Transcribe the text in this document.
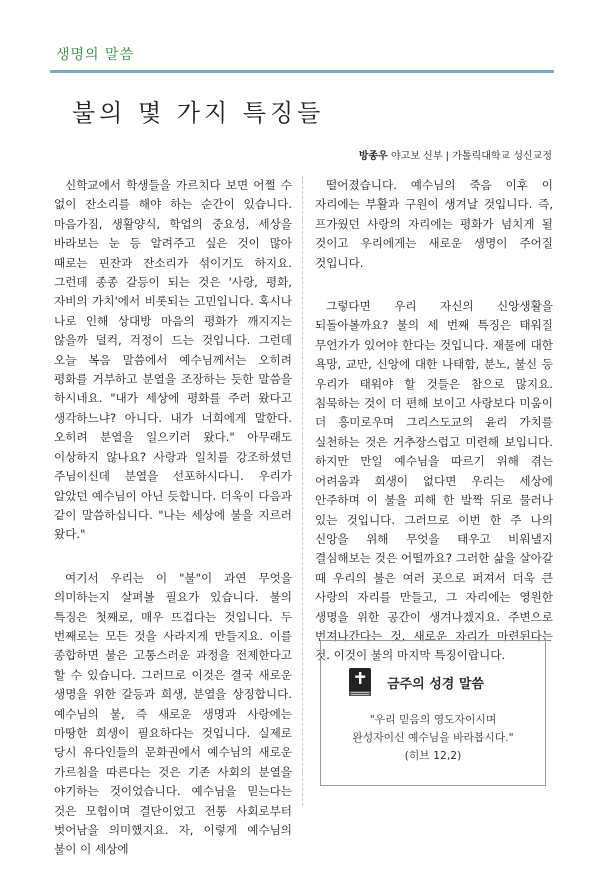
생명의 말씀
불의 몇 가지 특징들
방종우 야고보 신부 | 가톨릭대학교 성신교정

신학교에서 학생들을 가르치다 보면 어쩔 수 없이 잔소리를 해야 하는 순간이 있습니다. 마음가짐, 생활양식, 학업의 중요성, 세상을 바라보는 눈 등 알려주고 싶은 것이 많아 때로는 핀잔과 잔소리가 섞이기도 하지요. 그런데 종종 갈등이 되는 것은 '사랑, 평화, 자비의 가치'에서 비롯되는 고민입니다. 혹시나 나로 인해 상대방 마음의 평화가 깨지지는 않을까 덜컥, 걱정이 드는 것입니다. 그런데 오늘 복음 말씀에서 예수님께서는 오히려 평화를 거부하고 분열을 조장하는 듯한 말씀을 하시네요. "내가 세상에 평화를 주러 왔다고 생각하느냐? 아니다. 내가 너희에게 말한다. 오히려 분열을 일으키러 왔다." 아무래도 이상하지 않나요? 사랑과 일치를 강조하셨던 주님이신데 분열을 선포하시다니. 우리가 알았던 예수님이 아닌 듯합니다. 더욱이 다음과 같이 말씀하십니다. "나는 세상에 불을 지르러 왔다."

여기서 우리는 이 "불"이 과연 무엇을 의미하는지 살펴볼 필요가 있습니다. 불의 특징은 첫째로, 매우 뜨겁다는 것입니다. 두 번째로는 모든 것을 사라지게 만들지요. 이를 종합하면 불은 고통스러운 과정을 전제한다고 할 수 있습니다. 그러므로 이것은 결국 새로운 생명을 위한 갈등과 희생, 분열을 상징합니다. 예수님의 불, 즉 새로운 생명과 사랑에는 마땅한 희생이 필요하다는 것입니다. 실제로 당시 유다인들의 문화권에서 예수님의 새로운 가르침을 따른다는 것은 기존 사회의 분열을 야기하는 것이었습니다. 예수님을 믿는다는 것은 모험이며 결단이었고 전통 사회로부터 벗어남을 의미했지요. 자, 이렇게 예수님의 불이 이 세상에

떨어졌습니다. 예수님의 죽음 이후 이 자리에는 부활과 구원이 생겨날 것입니다. 즉, 프가웠던 사랑의 자리에는 평화가 넘치게 될 것이고 우리에게는 새로운 생명이 주어질 것입니다.

그렇다면 우리 자신의 신앙생활을 되돌아볼까요? 불의 세 번째 특징은 태워질 무언가가 있어야 한다는 것입니다. 재물에 대한 욕망, 교만, 신앙에 대한 나태함, 분노, 불신 등 우리가 태워야 할 것들은 참으로 많지요. 침묵하는 것이 더 편해 보이고 사랑보다 미움이 더 흥미로우며 그리스도교의 윤리 가치를 실천하는 것은 거추장스럽고 미련해 보입니다. 하지만 만일 예수님을 따르기 위해 겪는 어려움과 희생이 없다면 우리는 세상에 안주하며 이 불을 피해 한 발짝 뒤로 물러나 있는 것입니다. 그러므로 이번 한 주 나의 신앙을 위해 무엇을 태우고 비워낼지 결심해보는 것은 어떨까요? 그러한 삶을 살아갈 때 우리의 불은 여러 곳으로 퍼져서 더욱 큰 사랑의 자리를 만들고, 그 자리에는 영원한 생명을 위한 공간이 생겨나겠지요. 주변으로 번져나간다는 것, 새로운 자리가 마련된다는 것. 이것이 불의 마지막 특징이랍니다.

금주의 성경 말씀
"우리 믿음의 영도자이시며
완성자이신 예수님을 바라봅시다."
(히브 12,2)
